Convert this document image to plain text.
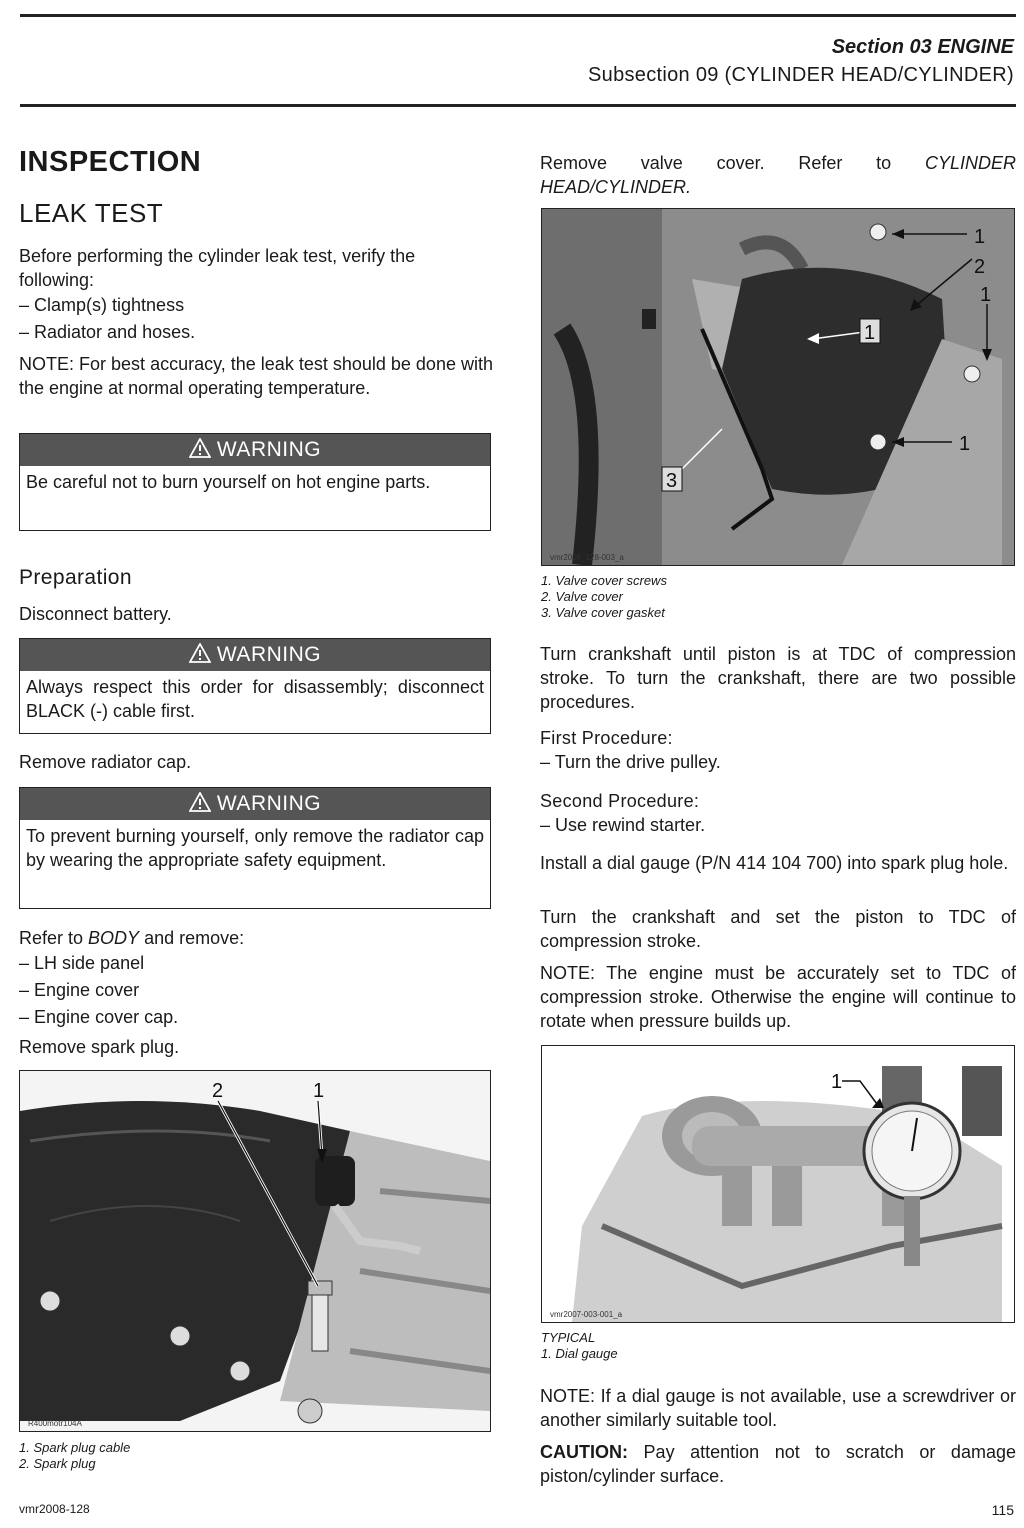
Section 03 ENGINE
Subsection 09 (CYLINDER HEAD/CYLINDER)
INSPECTION
LEAK TEST

Before performing the cylinder leak test, verify the following:

– Clamp(s) tightness
– Radiator and hoses.

NOTE: For best accuracy, the leak test should be done with the engine at normal operating temperature.

WARNING
Be careful not to burn yourself on hot engine parts.
Preparation

Disconnect battery.

WARNING
Always respect this order for disassembly; disconnect BLACK (-) cable first.

Remove radiator cap.

WARNING
To prevent burning yourself, only remove the radiator cap by wearing the appropriate safety equipment.

Refer to BODY and remove:

– LH side panel
– Engine cover
– Engine cover cap.

Remove spark plug.

2	1
R400motr104A
1. Spark plug cable
2. Spark plug

Remove valve cover. Refer to CYLINDER HEAD/CYLINDER.

1
2
1
1
1
3
vmr2008_128-003_a
1. Valve cover screws
2. Valve cover
3. Valve cover gasket

Turn crankshaft until piston is at TDC of compression stroke. To turn the crankshaft, there are two possible procedures.

First Procedure:
– Turn the drive pulley.
Second Procedure:
– Use rewind starter.

Install a dial gauge (P/N 414 104 700) into spark plug hole.

Turn the crankshaft and set the piston to TDC of compression stroke.

NOTE: The engine must be accurately set to TDC of compression stroke. Otherwise the engine will continue to rotate when pressure builds up.

1
vmr2007-003-001_a
TYPICAL
1. Dial gauge

NOTE: If a dial gauge is not available, use a screwdriver or another similarly suitable tool.

CAUTION: Pay attention not to scratch or damage piston/cylinder surface.

vmr2008-128	115
